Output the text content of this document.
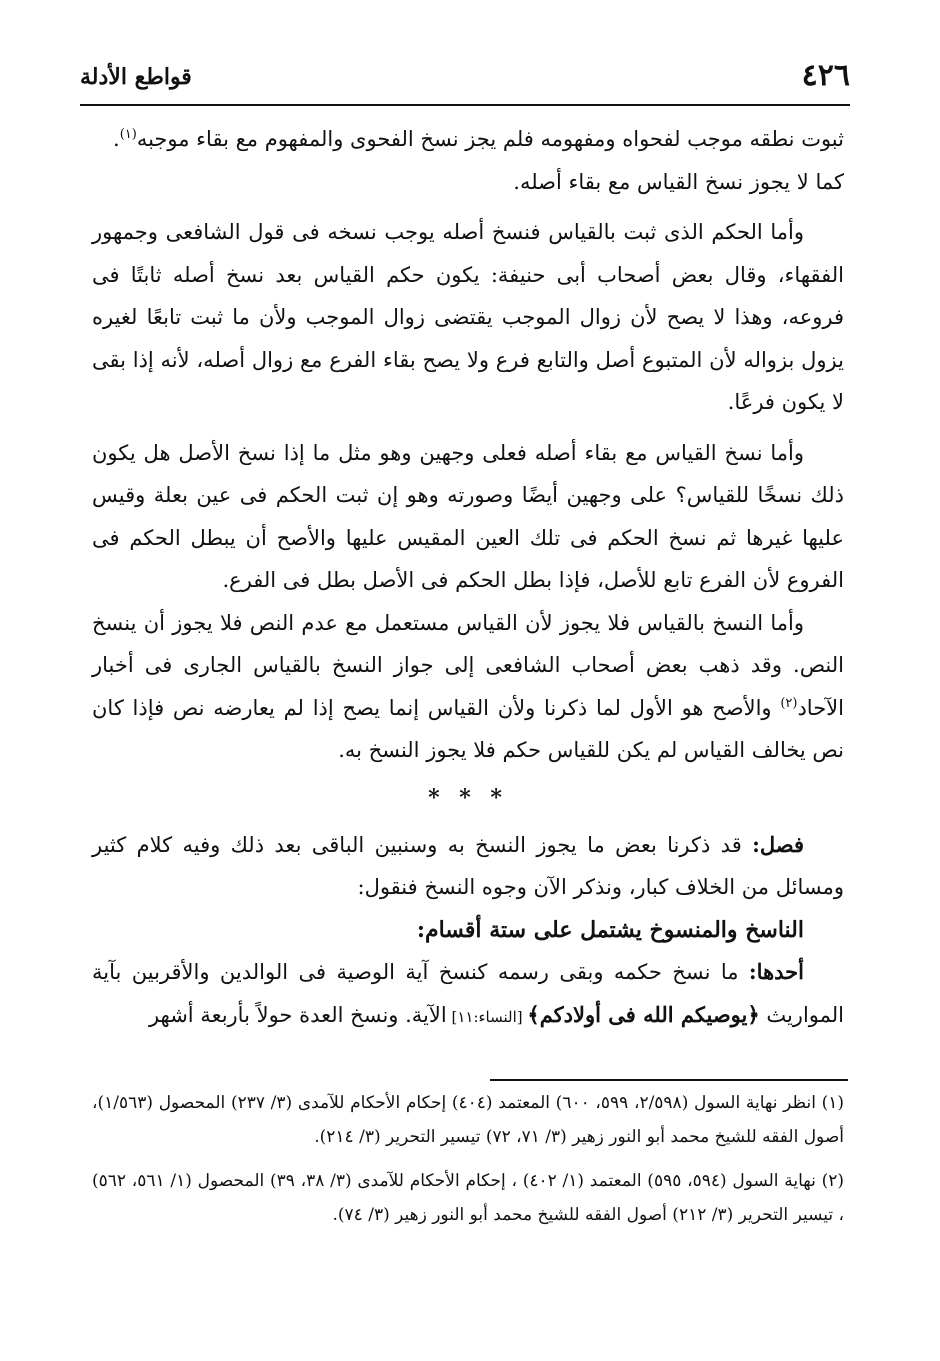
٤٢٦
قواطع الأدلة

ثبوت نطقه موجب لفحواه ومفهومه فلم يجز نسخ الفحوى والمفهوم مع بقاء موجبه$^{(١)}$.

كما لا يجوز نسخ القياس مع بقاء أصله.

وأما الحكم الذى ثبت بالقياس فنسخ أصله يوجب نسخه فى قول الشافعى وجمهور الفقهاء، وقال بعض أصحاب أبى حنيفة: يكون حكم القياس بعد نسخ أصله ثابتًا فى فروعه، وهذا لا يصح لأن زوال الموجب يقتضى زوال الموجب ولأن ما ثبت تابعًا لغيره يزول بزواله لأن المتبوع أصل والتابع فرع ولا يصح بقاء الفرع مع زوال أصله، لأنه إذا بقى لا يكون فرعًا.

وأما نسخ القياس مع بقاء أصله فعلى وجهين وهو مثل ما إذا نسخ الأصل هل يكون ذلك نسخًا للقياس؟ على وجهين أيضًا وصورته وهو إن ثبت الحكم فى عين بعلة وقيس عليها غيرها ثم نسخ الحكم فى تلك العين المقيس عليها والأصح أن يبطل الحكم فى الفروع لأن الفرع تابع للأصل، فإذا بطل الحكم فى الأصل بطل فى الفرع.

وأما النسخ بالقياس فلا يجوز لأن القياس مستعمل مع عدم النص فلا يجوز أن ينسخ النص. وقد ذهب بعض أصحاب الشافعى إلى جواز النسخ بالقياس الجارى فى أخبار الآحاد$^{(٢)}$ والأصح هو الأول لما ذكرنا ولأن القياس إنما يصح إذا لم يعارضه نص فإذا كان نص يخالف القياس لم يكن للقياس حكم فلا يجوز النسخ به.

* * *

فصل: قد ذكرنا بعض ما يجوز النسخ به وسنبين الباقى بعد ذلك وفيه كلام كثير ومسائل من الخلاف كبار، ونذكر الآن وجوه النسخ فنقول:

الناسخ والمنسوخ يشتمل على ستة أقسام:

أحدها: ما نسخ حكمه وبقى رسمه كنسخ آية الوصية فى الوالدين والأقربين بآية المواريث ﴿يوصيكم الله فى أولادكم﴾ [النساء:١١] الآية. ونسخ العدة حولاً بأربعة أشهر

(١) انظر نهاية السول (٢/٥٩٨، ٥٩٩، ٦٠٠) المعتمد (٤٠٤) إحكام الأحكام للآمدى (٣/ ٢٣٧) المحصول (١/٥٦٣)، أصول الفقه للشيخ محمد أبو النور زهير (٣/ ٧١، ٧٢) تيسير التحرير (٣/ ٢١٤).

(٢) نهاية السول (٥٩٤، ٥٩٥) المعتمد (١/ ٤٠٢) ، إحكام الأحكام للآمدى (٣/ ٣٨، ٣٩) المحصول (١/ ٥٦١، ٥٦٢) ، تيسير التحرير (٣/ ٢١٢) أصول الفقه للشيخ محمد أبو النور زهير (٣/ ٧٤).
